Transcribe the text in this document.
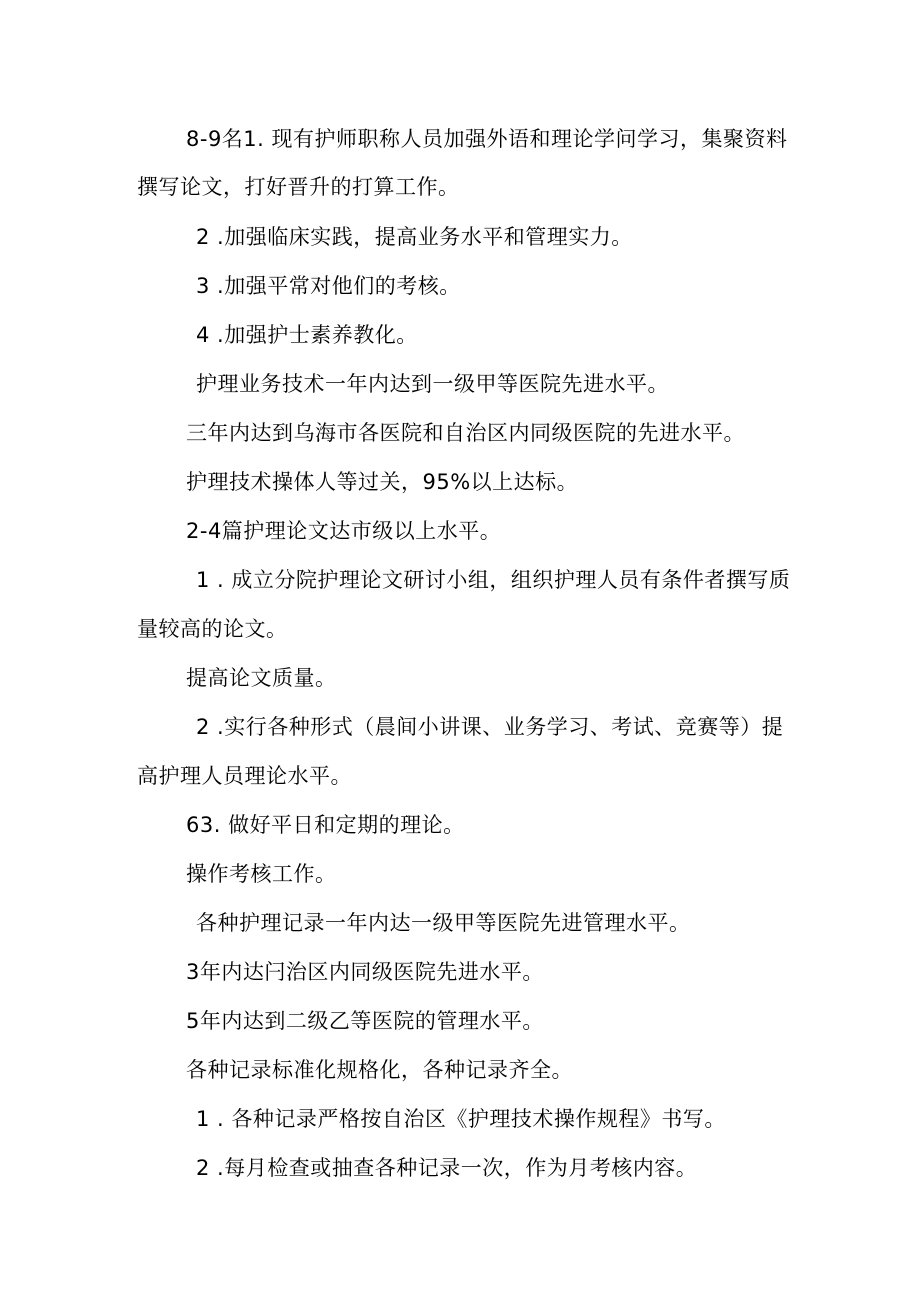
8-9名1. 现有护师职称人员加强外语和理论学问学习，集聚资料
撰写论文，打好晋升的打算工作。
2 .加强临床实践，提高业务水平和管理实力。
3 .加强平常对他们的考核。
4 .加强护士素养教化。
护理业务技术一年内达到一级甲等医院先进水平。
三年内达到乌海市各医院和自治区内同级医院的先进水平。
护理技术操体人等过关，95%以上达标。
2-4篇护理论文达市级以上水平。
1 . 成立分院护理论文研讨小组，组织护理人员有条件者撰写质
量较高的论文。
提高论文质量。
2 .实行各种形式（晨间小讲课、业务学习、考试、竞赛等）提
高护理人员理论水平。
63. 做好平日和定期的理论。
操作考核工作。
各种护理记录一年内达一级甲等医院先进管理水平。
3年内达闩治区内同级医院先进水平。
5年内达到二级乙等医院的管理水平。
各种记录标准化规格化，各种记录齐全。
1 . 各种记录严格按自治区《护理技术操作规程》书写。
2 .每月检查或抽查各种记录一次，作为月考核内容。
